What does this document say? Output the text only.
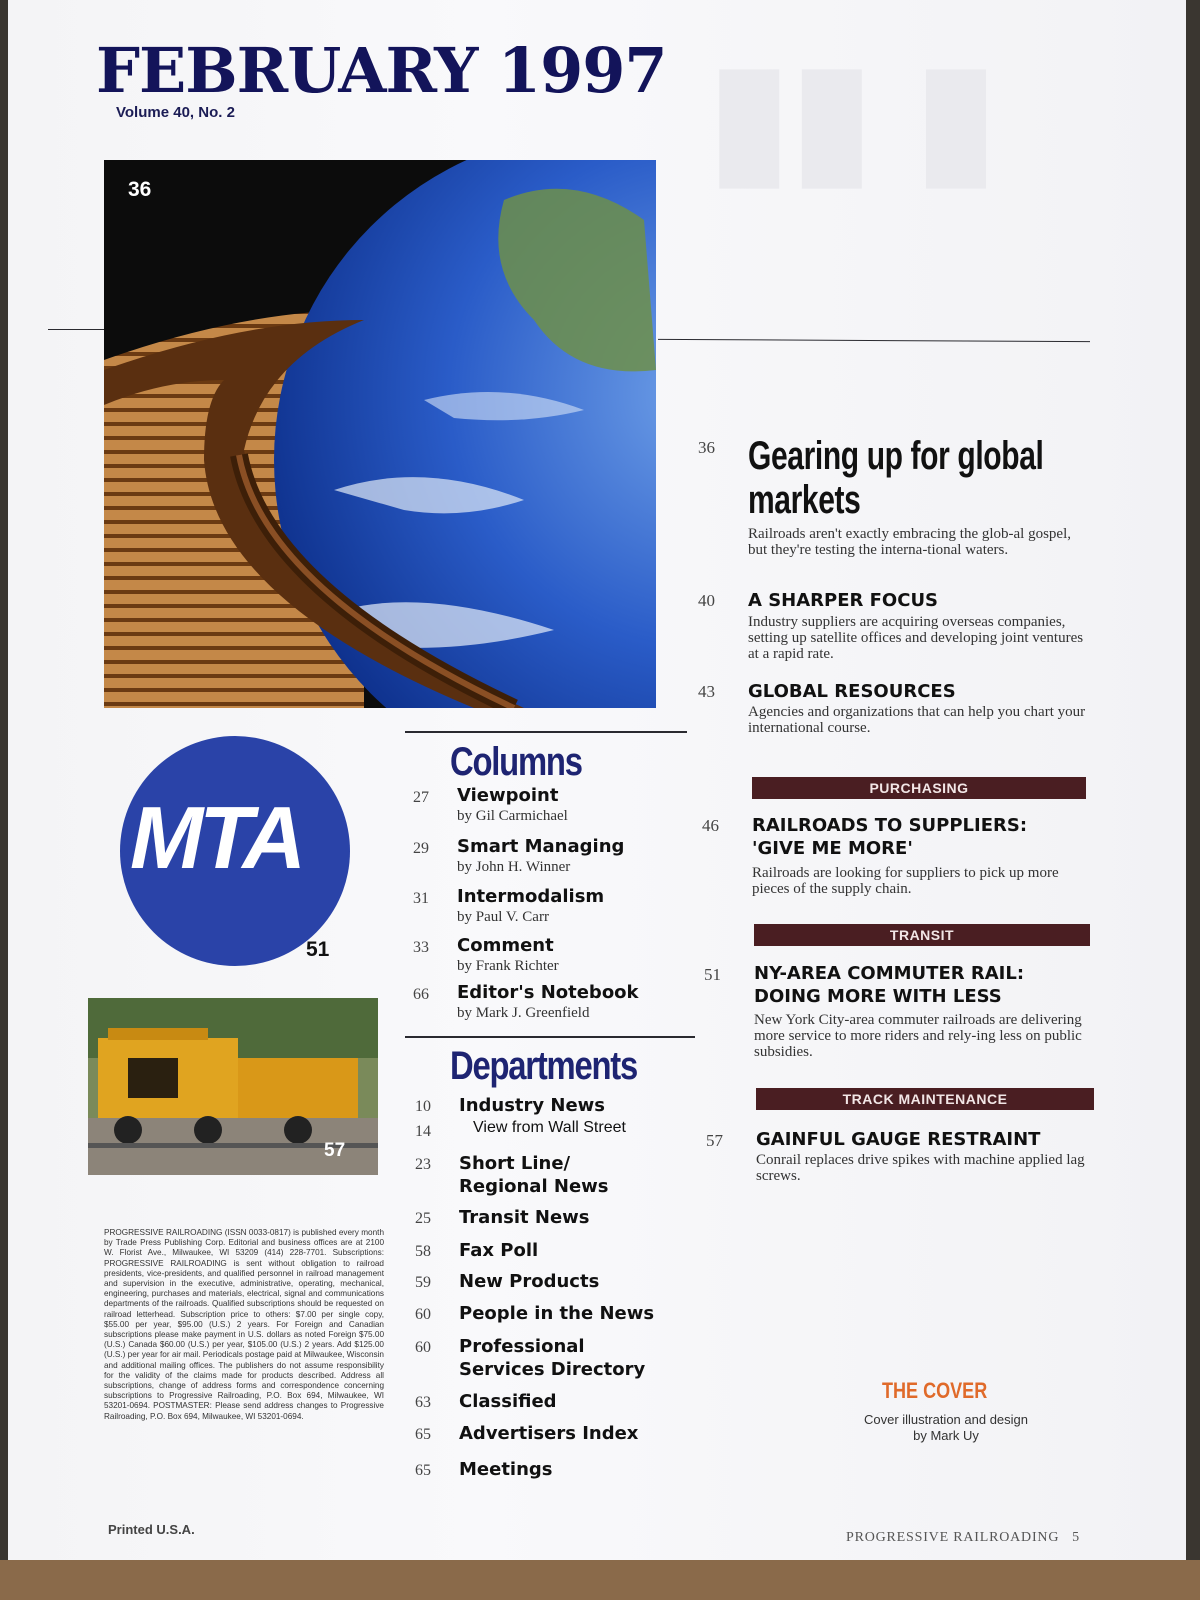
▮▮ ▮
FEBRUARY 1997
Volume 40, No. 2
36
MTA
51
57

PROGRESSIVE RAILROADING (ISSN 0033-0817) is published every month by Trade Press Publishing Corp. Editorial and business offices are at 2100 W. Florist Ave., Milwaukee, WI 53209 (414) 228-7701. Subscriptions: PROGRESSIVE RAILROADING is sent without obligation to railroad presidents, vice-presidents, and qualified personnel in railroad management and supervision in the executive, administrative, operating, mechanical, engineering, purchases and materials, electrical, signal and communications departments of the railroads. Qualified subscriptions should be requested on railroad letterhead. Subscription price to others: $7.00 per single copy, $55.00 per year, $95.00 (U.S.) 2 years. For Foreign and Canadian subscriptions please make payment in U.S. dollars as noted Foreign $75.00 (U.S.) Canada $60.00 (U.S.) per year, $105.00 (U.S.) 2 years. Add $125.00 (U.S.) per year for air mail. Periodicals postage paid at Milwaukee, Wisconsin and additional mailing offices. The publishers do not assume responsibility for the validity of the claims made for products described. Address all subscriptions, change of address forms and correspondence concerning subscriptions to Progressive Railroading, P.O. Box 694, Milwaukee, WI 53201-0694. POSTMASTER: Please send address changes to Progressive Railroading, P.O. Box 694, Milwaukee, WI 53201-0694.

Printed U.S.A.
Columns
27 Viewpoint
by Gil Carmichael
29 Smart Managing
by John H. Winner
31 Intermodalism
by Paul V. Carr
33 Comment
by Frank Richter
66 Editor's Notebook
by Mark J. Greenfield
Departments
10 Industry News
14	View from Wall Street
23 Short Line/ Regional News
25 Transit News
58 Fax Poll
59 New Products
60 People in the News
60 Professional Services Directory
63 Classified
65 Advertisers Index
65 Meetings
36 Gearing up for global markets

Railroads aren't exactly embracing the glob-al gospel, but they're testing the interna-tional waters.

40 A SHARPER FOCUS

Industry suppliers are acquiring overseas companies, setting up satellite offices and developing joint ventures at a rapid rate.

43 GLOBAL RESOURCES

Agencies and organizations that can help you chart your international course.

PURCHASING
46 RAILROADS TO SUPPLIERS:
'GIVE ME MORE'

Railroads are looking for suppliers to pick up more pieces of the supply chain.

TRANSIT
51 NY-AREA COMMUTER RAIL:
DOING MORE WITH LESS

New York City-area commuter railroads are delivering more service to more riders and rely-ing less on public subsidies.

TRACK MAINTENANCE
57 GAINFUL GAUGE RESTRAINT

Conrail replaces drive spikes with machine applied lag screws.

THE COVER
Cover illustration and design
by Mark Uy
PROGRESSIVE RAILROADING 5
